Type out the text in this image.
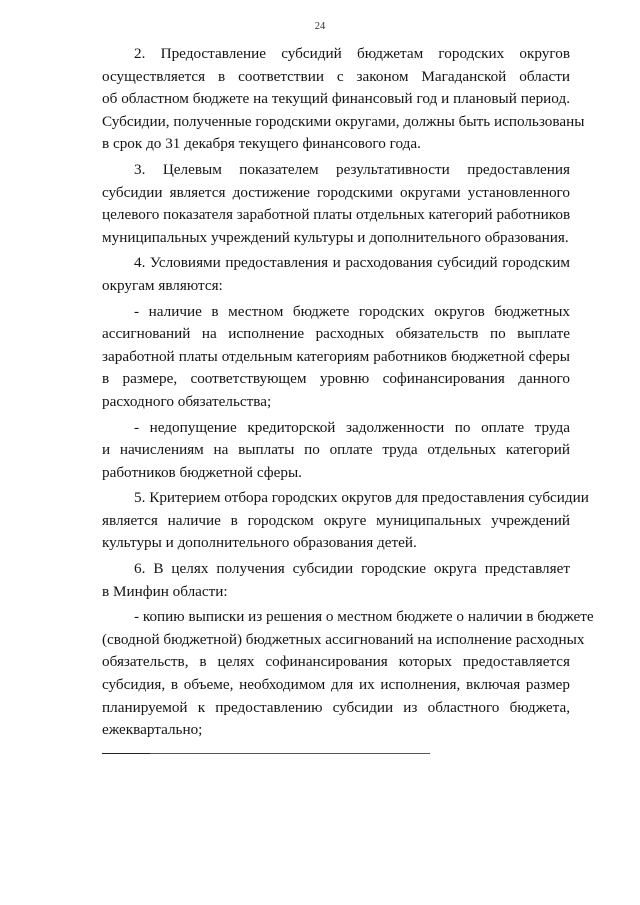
24
2. Предоставление субсидий бюджетам городских округов
осуществляется в соответствии с законом Магаданской области
об областном бюджете на текущий финансовый год и плановый период.
Субсидии, полученные городскими округами, должны быть использованы
в срок до 31 декабря текущего финансового года.
3. Целевым показателем результативности предоставления
субсидии является достижение городскими округами установленного
целевого показателя заработной платы отдельных категорий работников
муниципальных учреждений культуры и дополнительного образования.
4. Условиями предоставления и расходования субсидий городским
округам являются:
- наличие в местном бюджете городских округов бюджетных
ассигнований на исполнение расходных обязательств по выплате
заработной платы отдельным категориям работников бюджетной сферы
в размере, соответствующем уровню софинансирования данного
расходного обязательства;
- недопущение кредиторской задолженности по оплате труда
и начислениям на выплаты по оплате труда отдельных категорий
работников бюджетной сферы.
5. Критерием отбора городских округов для предоставления субсидии
является наличие в городском округе муниципальных учреждений
культуры и дополнительного образования детей.
6. В целях получения субсидии городские округа представляет
в Минфин области:
- копию выписки из решения о местном бюджете о наличии в бюджете
(сводной бюджетной) бюджетных ассигнований на исполнение расходных
обязательств, в целях софинансирования которых предоставляется
субсидия, в объеме, необходимом для их исполнения, включая размер
планируемой к предоставлению субсидии из областного бюджета,
ежеквартально;
